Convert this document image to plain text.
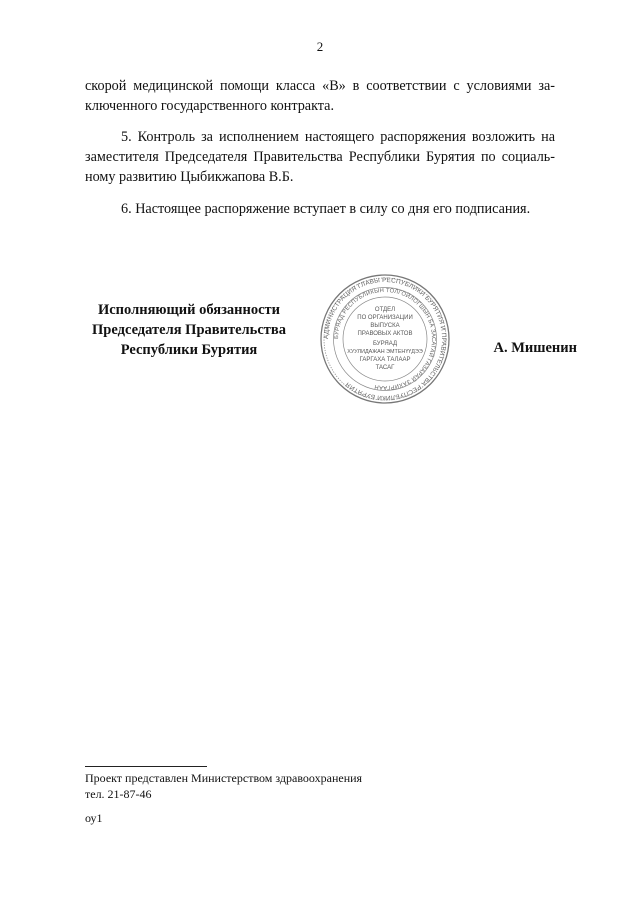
2
скорой медицинской помощи класса «В» в соответствии с условиями за-
ключенного государственного контракта.
5. Контроль за исполнением настоящего распоряжения возложить на
заместителя Председателя Правительства Республики Бурятия по социаль-
ному развитию Цыбикжапова В.Б.
6. Настоящее распоряжение вступает в силу со дня его подписания.
Исполняющий обязанности
Председателя Правительства
Республики Бурятия
АДМИНИСТРАЦИЯ ГЛАВЫ РЕСПУБЛИКИ БУРЯТИЯ И ПРАВИТЕЛЬСТВА РЕСПУБЛИКИ БУРЯТИЯ
БУРЯАД РЕСПУБЛИКЫН ТОЛГОЙЛОГШЫН БА ЗАСАГАЙ ГАЗАРАЙ ЗАХИРГААН
ОТДЕЛ
ПО ОРГАНИЗАЦИИ
ВЫПУСКА
ПРАВОВЫХ АКТОВ
БУРЯАД
ХУУЛИДАЖАН ЭМТЕНҮҮДЭЭ
ГАРГАХА ТАЛААР
ТАСАГ
А. Мишенин
Проект представлен Министерством здравоохранения
тел. 21-87-46
оу1
